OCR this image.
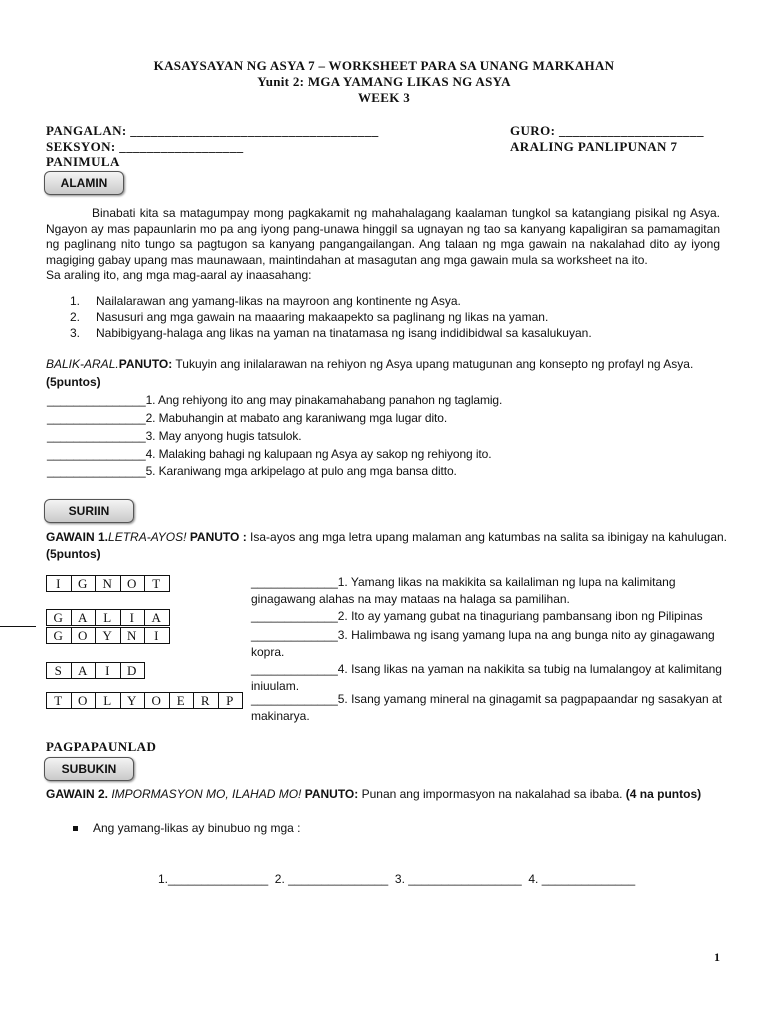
KASAYSAYAN NG ASYA 7 – WORKSHEET PARA SA UNANG MARKAHAN
Yunit 2: MGA YAMANG LIKAS NG ASYA
WEEK 3
PANGALAN: ____________________________________
SEKSYON: __________________
GURO: _____________________
ARALING PANLIPUNAN 7
PANIMULA
ALAMIN
Binabati kita sa matagumpay mong pagkakamit ng mahahalagang kaalaman tungkol sa katangiang pisikal ng Asya. Ngayon ay mas papaunlarin mo pa ang iyong pang-unawa hinggil sa ugnayan ng tao sa kanyang kapaligiran sa pamamagitan ng paglinang nito tungo sa pagtugon sa kanyang pangangailangan. Ang talaan ng mga gawain na nakalahad dito ay iyong magiging gabay upang mas maunawaan, maintindahan at masagutan ang mga gawain mula sa worksheet na ito.
Sa araling ito, ang mga mag-aaral ay inaasahang:
1. Nailalarawan ang yamang-likas na mayroon ang kontinente ng Asya.
2. Nasusuri ang mga gawain na maaaring makaapekto sa paglinang ng likas na yaman.
3. Nabibigyang-halaga ang likas na yaman na tinatamasa ng isang indidibidwal sa kasalukuyan.
BALIK-ARAL.PANUTO: Tukuyin ang inilalarawan na rehiyon ng Asya upang matugunan ang konsepto ng profayl ng Asya.
(5puntos)
_______________1. Ang rehiyong ito ang may pinakamahabang panahon ng taglamig.
_______________2. Mabuhangin at mabato ang karaniwang mga lugar dito.
_______________3. May anyong hugis tatsulok.
_______________4. Malaking bahagi ng kalupaan ng Asya ay sakop ng rehiyong ito.
_______________5. Karaniwang mga arkipelago at pulo ang mga bansa ditto.
SURIIN
GAWAIN 1.LETRA-AYOS! PANUTO : Isa-ayos ang mga letra upang malaman ang katumbas na salita sa ibinigay na kahulugan.
(5puntos)
I	G	N	O	T
G	A	L	I	A
G	O	Y	N	I
S	A	I	D
T	O	L	Y	O	E	R	P
_____________1. Yamang likas na makikita sa kailaliman ng lupa na kalimitang
ginagawang alahas na may mataas na halaga sa pamilihan.
_____________2. Ito ay yamang gubat na tinaguriang pambansang ibon ng Pilipinas
_____________3. Halimbawa ng isang yamang lupa na ang bunga nito ay ginagawang
kopra.
_____________4. Isang likas na yaman na nakikita sa tubig na lumalangoy at kalimitang
iniuulam.
_____________5. Isang yamang mineral na ginagamit sa pagpapaandar ng sasakyan at
makinarya.
PAGPAPAUNLAD
SUBUKIN
GAWAIN 2. IMPORMASYON MO, ILAHAD MO! PANUTO: Punan ang impormasyon na nakalahad sa ibaba. (4 na puntos)
Ang yamang-likas ay binubuo ng mga :
1._______________  2. _______________  3. _________________  4. ______________
1
